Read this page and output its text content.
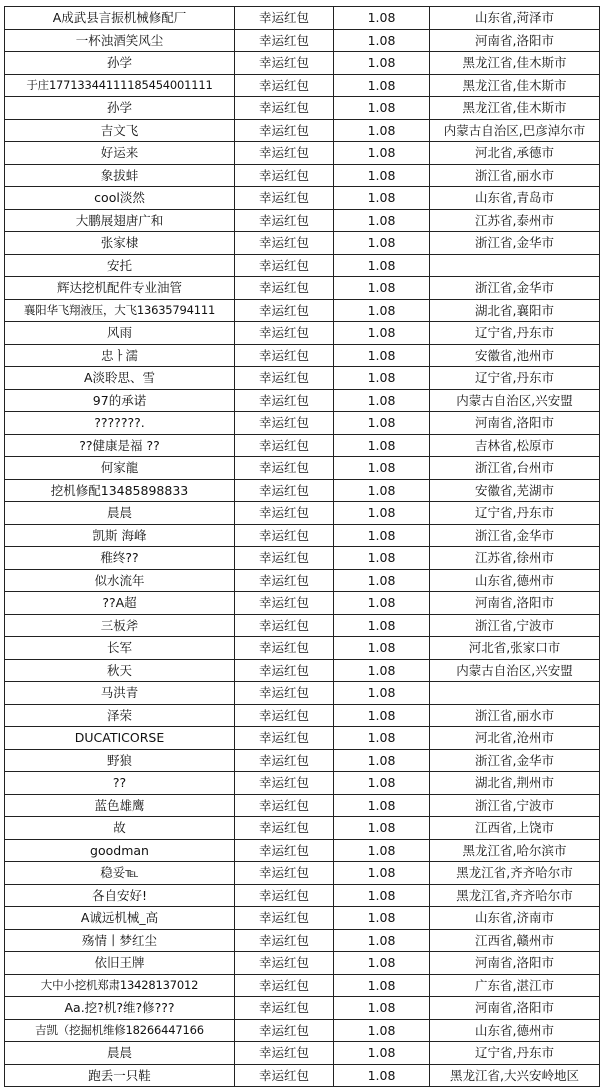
A成武县言振机械修配厂	幸运红包	1.08	山东省,菏泽市
一杯浊酒笑风尘	幸运红包	1.08	河南省,洛阳市
孙学	幸运红包	1.08	黑龙江省,佳木斯市
于庄17713344111185454001111	幸运红包	1.08	黑龙江省,佳木斯市
孙学	幸运红包	1.08	黑龙江省,佳木斯市
吉文飞	幸运红包	1.08	内蒙古自治区,巴彦淖尔市
好运来	幸运红包	1.08	河北省,承德市
象拔蚌	幸运红包	1.08	浙江省,丽水市
cool淡然	幸运红包	1.08	山东省,青岛市
大鹏展翅唐广和	幸运红包	1.08	江苏省,泰州市
张家棣	幸运红包	1.08	浙江省,金华市
安托	幸运红包	1.08	
辉达挖机配件专业油管	幸运红包	1.08	浙江省,金华市
襄阳华飞翔液压，大飞13635794111	幸运红包	1.08	湖北省,襄阳市
风雨	幸运红包	1.08	辽宁省,丹东市
忠ㅏ濡	幸运红包	1.08	安徽省,池州市
A淡聆思、雪	幸运红包	1.08	辽宁省,丹东市
97的承诺	幸运红包	1.08	内蒙古自治区,兴安盟
???????.	幸运红包	1.08	河南省,洛阳市
??健康是福 ??	幸运红包	1.08	吉林省,松原市
何家龍	幸运红包	1.08	浙江省,台州市
挖机修配13485898833	幸运红包	1.08	安徽省,芜湖市
晨晨	幸运红包	1.08	辽宁省,丹东市
凯斯 海峰	幸运红包	1.08	浙江省,金华市
稚终??	幸运红包	1.08	江苏省,徐州市
似水流年	幸运红包	1.08	山东省,德州市
??A超	幸运红包	1.08	河南省,洛阳市
三板斧	幸运红包	1.08	浙江省,宁波市
长军	幸运红包	1.08	河北省,张家口市
秋天	幸运红包	1.08	内蒙古自治区,兴安盟
马洪青	幸运红包	1.08	
泽荣	幸运红包	1.08	浙江省,丽水市
DUCATICORSE	幸运红包	1.08	河北省,沧州市
野狼	幸运红包	1.08	浙江省,金华市
??	幸运红包	1.08	湖北省,荆州市
蓝色雄鹰	幸运红包	1.08	浙江省,宁波市
故	幸运红包	1.08	江西省,上饶市
goodman	幸运红包	1.08	黑龙江省,哈尔滨市
稳妥℡	幸运红包	1.08	黑龙江省,齐齐哈尔市
各自安好!	幸运红包	1.08	黑龙江省,齐齐哈尔市
A诚远机械_高	幸运红包	1.08	山东省,济南市
殇情丨梦红尘	幸运红包	1.08	江西省,赣州市
依旧王牌	幸运红包	1.08	河南省,洛阳市
大中小挖机郑肃13428137012	幸运红包	1.08	广东省,湛江市
Aa.挖?机?维?修???	幸运红包	1.08	河南省,洛阳市
吉凯（挖掘机维修18266447166	幸运红包	1.08	山东省,德州市
晨晨	幸运红包	1.08	辽宁省,丹东市
跑丢一只鞋	幸运红包	1.08	黑龙江省,大兴安岭地区
